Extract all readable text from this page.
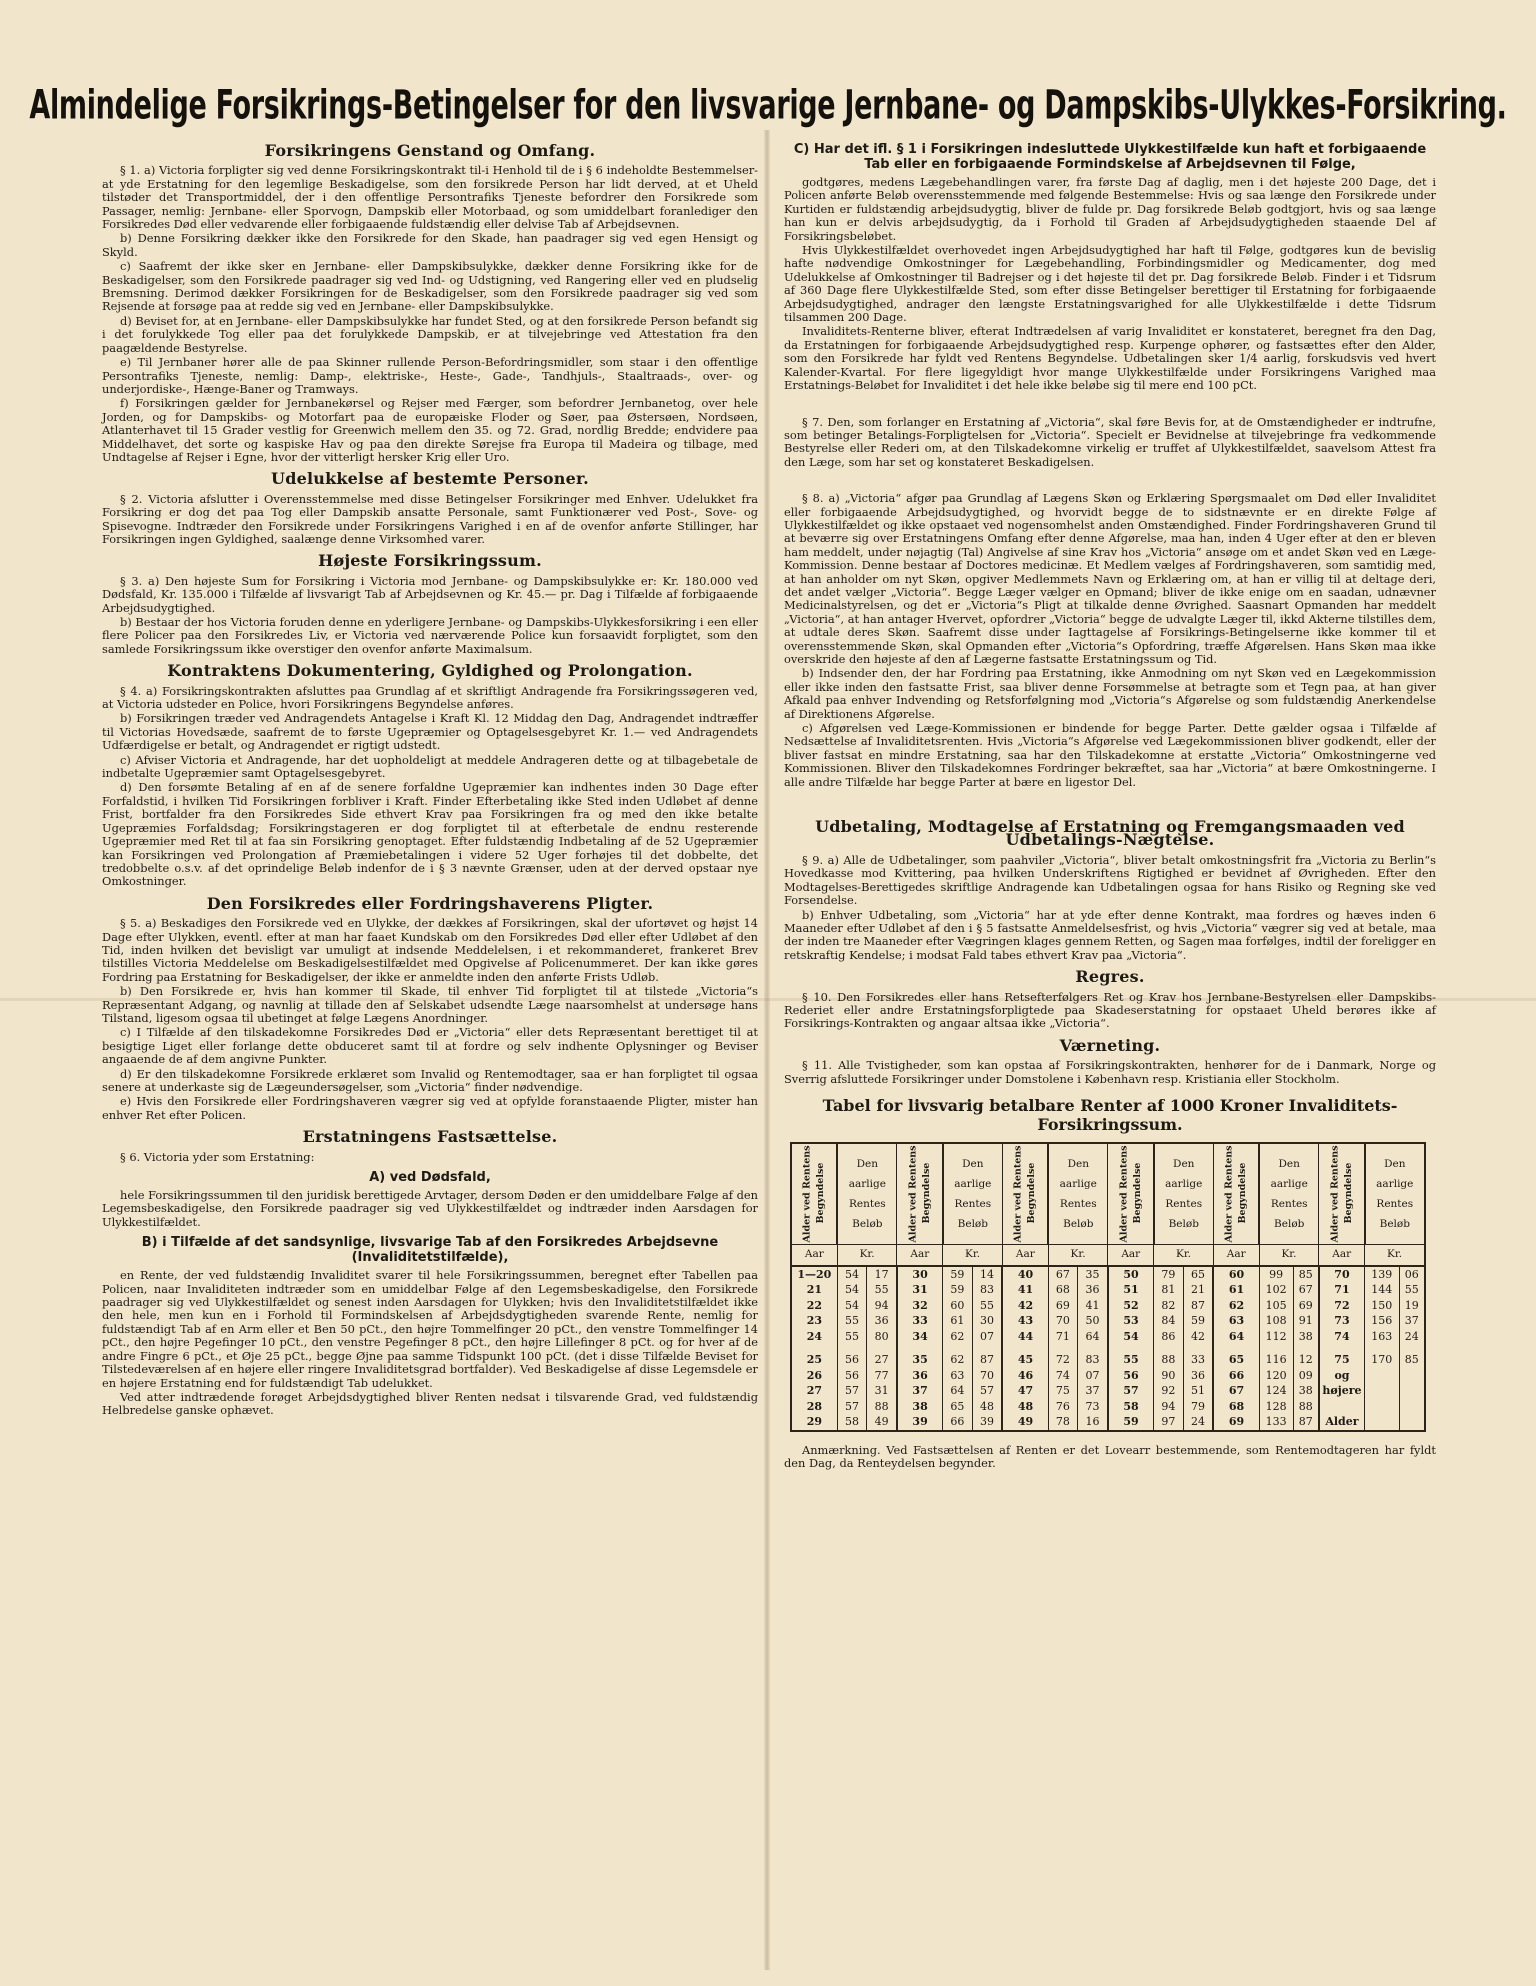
Almindelige Forsikrings-Betingelser for den livsvarige Jernbane- og Dampskibs-Ulykkes-Forsikring.
Forsikringens Genstand og Omfang.

§ 1. a) Victoria forpligter sig ved denne Forsikringskontrakt til-i Henhold til de i § 6 indeholdte Bestemmelser-at yde Erstatning for den legemlige Beskadigelse, som den forsikrede Person har lidt derved, at et Uheld tilstøder det Transportmiddel, der i den offentlige Persontrafiks Tjeneste befordrer den Forsikrede som Passager, nemlig: Jernbane- eller Sporvogn, Dampskib eller Motorbaad, og som umiddelbart foranlediger den Forsikredes Død eller vedvarende eller forbigaaende fuldstændig eller delvise Tab af Arbejdsevnen.

b) Denne Forsikring dækker ikke den Forsikrede for den Skade, han paadrager sig ved egen Hensigt og Skyld.

c) Saafremt der ikke sker en Jernbane- eller Dampskibsulykke, dækker denne Forsikring ikke for de Beskadigelser, som den Forsikrede paadrager sig ved Ind- og Udstigning, ved Rangering eller ved en pludselig Bremsning. Derimod dækker Forsikringen for de Beskadigelser, som den Forsikrede paadrager sig ved som Rejsende at forsøge paa at redde sig ved en Jernbane- eller Dampskibsulykke.

d) Beviset for, at en Jernbane- eller Dampskibsulykke har fundet Sted, og at den forsikrede Person befandt sig i det forulykkede Tog eller paa det forulykkede Dampskib, er at tilvejebringe ved Attestation fra den paagældende Bestyrelse.

e) Til Jernbaner hører alle de paa Skinner rullende Person-Befordringsmidler, som staar i den offentlige Persontrafiks Tjeneste, nemlig: Damp-, elektriske-, Heste-, Gade-, Tandhjuls-, Staaltraads-, over- og underjordiske-, Hænge-Baner og Tramways.

f) Forsikringen gælder for Jernbanekørsel og Rejser med Færger, som befordrer Jernbanetog, over hele Jorden, og for Dampskibs- og Motorfart paa de europæiske Floder og Søer, paa Østersøen, Nordsøen, Atlanterhavet til 15 Grader vestlig for Greenwich mellem den 35. og 72. Grad, nordlig Bredde; endvidere paa Middelhavet, det sorte og kaspiske Hav og paa den direkte Sørejse fra Europa til Madeira og tilbage, med Undtagelse af Rejser i Egne, hvor der vitterligt hersker Krig eller Uro.

Udelukkelse af bestemte Personer.

§ 2. Victoria afslutter i Overensstemmelse med disse Betingelser Forsikringer med Enhver. Udelukket fra Forsikring er dog det paa Tog eller Dampskib ansatte Personale, samt Funktionærer ved Post-, Sove- og Spisevogne. Indtræder den Forsikrede under Forsikringens Varighed i en af de ovenfor anførte Stillinger, har Forsikringen ingen Gyldighed, saalænge denne Virksomhed varer.

Højeste Forsikringssum.

§ 3. a) Den højeste Sum for Forsikring i Victoria mod Jernbane- og Dampskibsulykke er: Kr. 180.000 ved Dødsfald, Kr. 135.000 i Tilfælde af livsvarigt Tab af Arbejdsevnen og Kr. 45.— pr. Dag i Tilfælde af forbigaaende Arbejdsudygtighed.

b) Bestaar der hos Victoria foruden denne en yderligere Jernbane- og Dampskibs-Ulykkesforsikring i een eller flere Policer paa den Forsikredes Liv, er Victoria ved nærværende Police kun forsaavidt forpligtet, som den samlede Forsikringssum ikke overstiger den ovenfor anførte Maximalsum.

Kontraktens Dokumentering, Gyldighed og Prolongation.

§ 4. a) Forsikringskontrakten afsluttes paa Grundlag af et skriftligt Andragende fra Forsikringssøgeren ved, at Victoria udsteder en Police, hvori Forsikringens Begyndelse anføres.

b) Forsikringen træder ved Andragendets Antagelse i Kraft Kl. 12 Middag den Dag, Andragendet indtræffer til Victorias Hovedsæde, saafremt de to første Ugepræmier og Optagelsesgebyret Kr. 1.— ved Andragendets Udfærdigelse er betalt, og Andragendet er rigtigt udstedt.

c) Afviser Victoria et Andragende, har det uopholdeligt at meddele Andrageren dette og at tilbagebetale de indbetalte Ugepræmier samt Optagelsesgebyret.

d) Den forsømte Betaling af en af de senere forfaldne Ugepræmier kan indhentes inden 30 Dage efter Forfaldstid, i hvilken Tid Forsikringen forbliver i Kraft. Finder Efterbetaling ikke Sted inden Udløbet af denne Frist, bortfalder fra den Forsikredes Side ethvert Krav paa Forsikringen fra og med den ikke betalte Ugepræmies Forfaldsdag; Forsikringstageren er dog forpligtet til at efterbetale de endnu resterende Ugepræmier med Ret til at faa sin Forsikring genoptaget. Efter fuldstændig Indbetaling af de 52 Ugepræmier kan Forsikringen ved Prolongation af Præmiebetalingen i videre 52 Uger forhøjes til det dobbelte, det tredobbelte o.s.v. af det oprindelige Beløb indenfor de i § 3 nævnte Grænser, uden at der derved opstaar nye Omkostninger.

Den Forsikredes eller Fordringshaverens Pligter.

§ 5. a) Beskadiges den Forsikrede ved en Ulykke, der dækkes af Forsikringen, skal der ufortøvet og højst 14 Dage efter Ulykken, eventl. efter at man har faaet Kundskab om den Forsikredes Død eller efter Udløbet af den Tid, inden hvilken det bevisligt var umuligt at indsende Meddelelsen, i et rekommanderet, frankeret Brev tilstilles Victoria Meddelelse om Beskadigelsestilfældet med Opgivelse af Policenummeret. Der kan ikke gøres Fordring paa Erstatning for Beskadigelser, der ikke er anmeldte inden den anførte Frists Udløb.

b) Den Forsikrede er, hvis han kommer til Skade, til enhver Tid forpligtet til at tilstede „Victoria“s Repræsentant Adgang, og navnlig at tillade den af Selskabet udsendte Læge naarsomhelst at undersøge hans Tilstand, ligesom ogsaa til ubetinget at følge Lægens Anordninger.

c) I Tilfælde af den tilskadekomne Forsikredes Død er „Victoria“ eller dets Repræsentant berettiget til at besigtige Liget eller forlange dette obduceret samt til at fordre og selv indhente Oplysninger og Beviser angaaende de af dem angivne Punkter.

d) Er den tilskadekomne Forsikrede erklæret som Invalid og Rentemodtager, saa er han forpligtet til ogsaa senere at underkaste sig de Lægeundersøgelser, som „Victoria“ finder nødvendige.

e) Hvis den Forsikrede eller Fordringshaveren vægrer sig ved at opfylde foranstaaende Pligter, mister han enhver Ret efter Policen.

Erstatningens Fastsættelse.

§ 6. Victoria yder som Erstatning:

A) ved Dødsfald,

hele Forsikringssummen til den juridisk berettigede Arvtager, dersom Døden er den umiddelbare Følge af den Legemsbeskadigelse, den Forsikrede paadrager sig ved Ulykkestilfældet og indtræder inden Aarsdagen for Ulykkestilfældet.

B) i Tilfælde af det sandsynlige, livsvarige Tab af den Forsikredes Arbejdsevne (Invaliditetstilfælde),

en Rente, der ved fuldstændig Invaliditet svarer til hele Forsikringssummen, beregnet efter Tabellen paa Policen, naar Invaliditeten indtræder som en umiddelbar Følge af den Legemsbeskadigelse, den Forsikrede paadrager sig ved Ulykkestilfældet og senest inden Aarsdagen for Ulykken; hvis den Invaliditetstilfældet ikke den hele, men kun en i Forhold til Formindskelsen af Arbejdsdygtigheden svarende Rente, nemlig for fuldstændigt Tab af en Arm eller et Ben 50 pCt., den højre Tommelfinger 20 pCt., den venstre Tommelfinger 14 pCt., den højre Pegefinger 10 pCt., den venstre Pegefinger 8 pCt., den højre Lillefinger 8 pCt. og for hver af de andre Fingre 6 pCt., et Øje 25 pCt., begge Øjne paa samme Tidspunkt 100 pCt. (det i disse Tilfælde Beviset for Tilstedeværelsen af en højere eller ringere Invaliditetsgrad bortfalder). Ved Beskadigelse af disse Legemsdele er en højere Erstatning end for fuldstændigt Tab udelukket.

Ved atter indtrædende forøget Arbejdsdygtighed bliver Renten nedsat i tilsvarende Grad, ved fuldstændig Helbredelse ganske ophævet.

C) Har det ifl. § 1 i Forsikringen indesluttede Ulykkestilfælde kun haft et forbigaaende Tab eller en forbigaaende Formindskelse af Arbejdsevnen til Følge,

godtgøres, medens Lægebehandlingen varer, fra første Dag af daglig, men i det højeste 200 Dage, det i Policen anførte Beløb overensstemmende med følgende Bestemmelse: Hvis og saa længe den Forsikrede under Kurtiden er fuldstændig arbejdsudygtig, bliver de fulde pr. Dag forsikrede Beløb godtgjort, hvis og saa længe han kun er delvis arbejdsudygtig, da i Forhold til Graden af Arbejdsudygtigheden staaende Del af Forsikringsbeløbet.

Hvis Ulykkestilfældet overhovedet ingen Arbejdsudygtighed har haft til Følge, godtgøres kun de bevislig hafte nødvendige Omkostninger for Lægebehandling, Forbindingsmidler og Medicamenter, dog med Udelukkelse af Omkostninger til Badrejser og i det højeste til det pr. Dag forsikrede Beløb. Finder i et Tidsrum af 360 Dage flere Ulykkestilfælde Sted, som efter disse Betingelser berettiger til Erstatning for forbigaaende Arbejdsudygtighed, andrager den længste Erstatningsvarighed for alle Ulykkestilfælde i dette Tidsrum tilsammen 200 Dage.

Invaliditets-Renterne bliver, efterat Indtrædelsen af varig Invaliditet er konstateret, beregnet fra den Dag, da Erstatningen for forbigaaende Arbejdsudygtighed resp. Kurpenge ophører, og fastsættes efter den Alder, som den Forsikrede har fyldt ved Rentens Begyndelse. Udbetalingen sker 1/4 aarlig, forskudsvis ved hvert Kalender-Kvartal. For flere ligegyldigt hvor mange Ulykkestilfælde under Forsikringens Varighed maa Erstatnings-Beløbet for Invaliditet i det hele ikke beløbe sig til mere end 100 pCt.

§ 7. Den, som forlanger en Erstatning af „Victoria“, skal føre Bevis for, at de Omstændigheder er indtrufne, som betinger Betalings-Forpligtelsen for „Victoria“. Specielt er Bevidnelse at tilvejebringe fra vedkommende Bestyrelse eller Rederi om, at den Tilskadekomne virkelig er truffet af Ulykkestilfældet, saavelsom Attest fra den Læge, som har set og konstateret Beskadigelsen.

§ 8. a) „Victoria“ afgør paa Grundlag af Lægens Skøn og Erklæring Spørgsmaalet om Død eller Invaliditet eller forbigaaende Arbejdsudygtighed, og hvorvidt begge de to sidstnævnte er en direkte Følge af Ulykkestilfældet og ikke opstaaet ved nogensomhelst anden Omstændighed. Finder Fordringshaveren Grund til at beværre sig over Erstatningens Omfang efter denne Afgørelse, maa han, inden 4 Uger efter at den er bleven ham meddelt, under nøjagtig (Tal) Angivelse af sine Krav hos „Victoria“ ansøge om et andet Skøn ved en Læge-Kommission. Denne bestaar af Doctores medicinæ. Et Medlem vælges af Fordringshaveren, som samtidig med, at han anholder om nyt Skøn, opgiver Medlemmets Navn og Erklæring om, at han er villig til at deltage deri, det andet vælger „Victoria“. Begge Læger vælger en Opmand; bliver de ikke enige om en saadan, udnævner Medicinalstyrelsen, og det er „Victoria“s Pligt at tilkalde denne Øvrighed. Saasnart Opmanden har meddelt „Victoria“, at han antager Hvervet, opfordrer „Victoria“ begge de udvalgte Læger til, ikkd Akterne tilstilles dem, at udtale deres Skøn. Saafremt disse under Iagttagelse af Forsikrings-Betingelserne ikke kommer til et overensstemmende Skøn, skal Opmanden efter „Victoria“s Opfordring, træffe Afgørelsen. Hans Skøn maa ikke overskride den højeste af den af Lægerne fastsatte Erstatningssum og Tid.

b) Indsender den, der har Fordring paa Erstatning, ikke Anmodning om nyt Skøn ved en Lægekommission eller ikke inden den fastsatte Frist, saa bliver denne Forsømmelse at betragte som et Tegn paa, at han giver Afkald paa enhver Indvending og Retsforfølgning mod „Victoria“s Afgørelse og som fuldstændig Anerkendelse af Direktionens Afgørelse.

c) Afgørelsen ved Læge-Kommissionen er bindende for begge Parter. Dette gælder ogsaa i Tilfælde af Nedsættelse af Invaliditetsrenten. Hvis „Victoria“s Afgørelse ved Lægekommissionen bliver godkendt, eller der bliver fastsat en mindre Erstatning, saa har den Tilskadekomne at erstatte „Victoria“ Omkostningerne ved Kommissionen. Bliver den Tilskadekomnes Fordringer bekræftet, saa har „Victoria“ at bære Omkostningerne. I alle andre Tilfælde har begge Parter at bære en ligestor Del.

Udbetaling, Modtagelse af Erstatning og Fremgangsmaaden ved Udbetalings-Nægtelse.

§ 9. a) Alle de Udbetalinger, som paahviler „Victoria“, bliver betalt omkostningsfrit fra „Victoria zu Berlin“s Hovedkasse mod Kvittering, paa hvilken Underskriftens Rigtighed er bevidnet af Øvrigheden. Efter den Modtagelses-Berettigedes skriftlige Andragende kan Udbetalingen ogsaa for hans Risiko og Regning ske ved Forsendelse.

b) Enhver Udbetaling, som „Victoria“ har at yde efter denne Kontrakt, maa fordres og hæves inden 6 Maaneder efter Udløbet af den i § 5 fastsatte Anmeldelsesfrist, og hvis „Victoria“ vægrer sig ved at betale, maa der inden tre Maaneder efter Vægringen klages gennem Retten, og Sagen maa forfølges, indtil der foreligger en retskraftig Kendelse; i modsat Fald tabes ethvert Krav paa „Victoria“.

Regres.

§ 10. Den Forsikredes eller hans Retsefterfølgers Ret og Krav hos Jernbane-Bestyrelsen eller Dampskibs-Rederiet eller andre Erstatningsforpligtede paa Skadeserstatning for opstaaet Uheld berøres ikke af Forsikrings-Kontrakten og angaar altsaa ikke „Victoria“.

Værneting.

§ 11. Alle Tvistigheder, som kan opstaa af Forsikringskontrakten, henhører for de i Danmark, Norge og Sverrig afsluttede Forsikringer under Domstolene i København resp. Kristiania eller Stockholm.

Tabel for livsvarig betalbare Renter af 1000 Kroner Invaliditets-Forsikringssum.
Alder ved Rentens Begyndelse	Den aarlige Rentes Beløb		Alder ved Rentens Begyndelse	Den aarlige Rentes Beløb		Alder ved Rentens Begyndelse	Den aarlige Rentes Beløb		Alder ved Rentens Begyndelse	Den aarlige Rentes Beløb		Alder ved Rentens Begyndelse	Den aarlige Rentes Beløb		Alder ved Rentens Begyndelse	Den aarlige Rentes Beløb	
Aar	Kr.		Aar	Kr.		Aar	Kr.		Aar	Kr.		Aar	Kr.		Aar	Kr.	
1—20	54	17	30	59	14	40	67	35	50	79	65	60	99	85	70	139	06
21	54	55	31	59	83	41	68	36	51	81	21	61	102	67	71	144	55
22	54	94	32	60	55	42	69	41	52	82	87	62	105	69	72	150	19
23	55	36	33	61	30	43	70	50	53	84	59	63	108	91	73	156	37
24	55	80	34	62	07	44	71	64	54	86	42	64	112	38	74	163	24

25	56	27	35	62	87	45	72	83	55	88	33	65	116	12	75	170	85
26	56	77	36	63	70	46	74	07	56	90	36	66	120	09	og		
27	57	31	37	64	57	47	75	37	57	92	51	67	124	38	højere		
28	57	88	38	65	48	48	76	73	58	94	79	68	128	88			
29	58	49	39	66	39	49	78	16	59	97	24	69	133	87	Alder		

Anmærkning. Ved Fastsættelsen af Renten er det Lovearr bestemmende, som Rentemodtageren har fyldt den Dag, da Renteydelsen begynder.
